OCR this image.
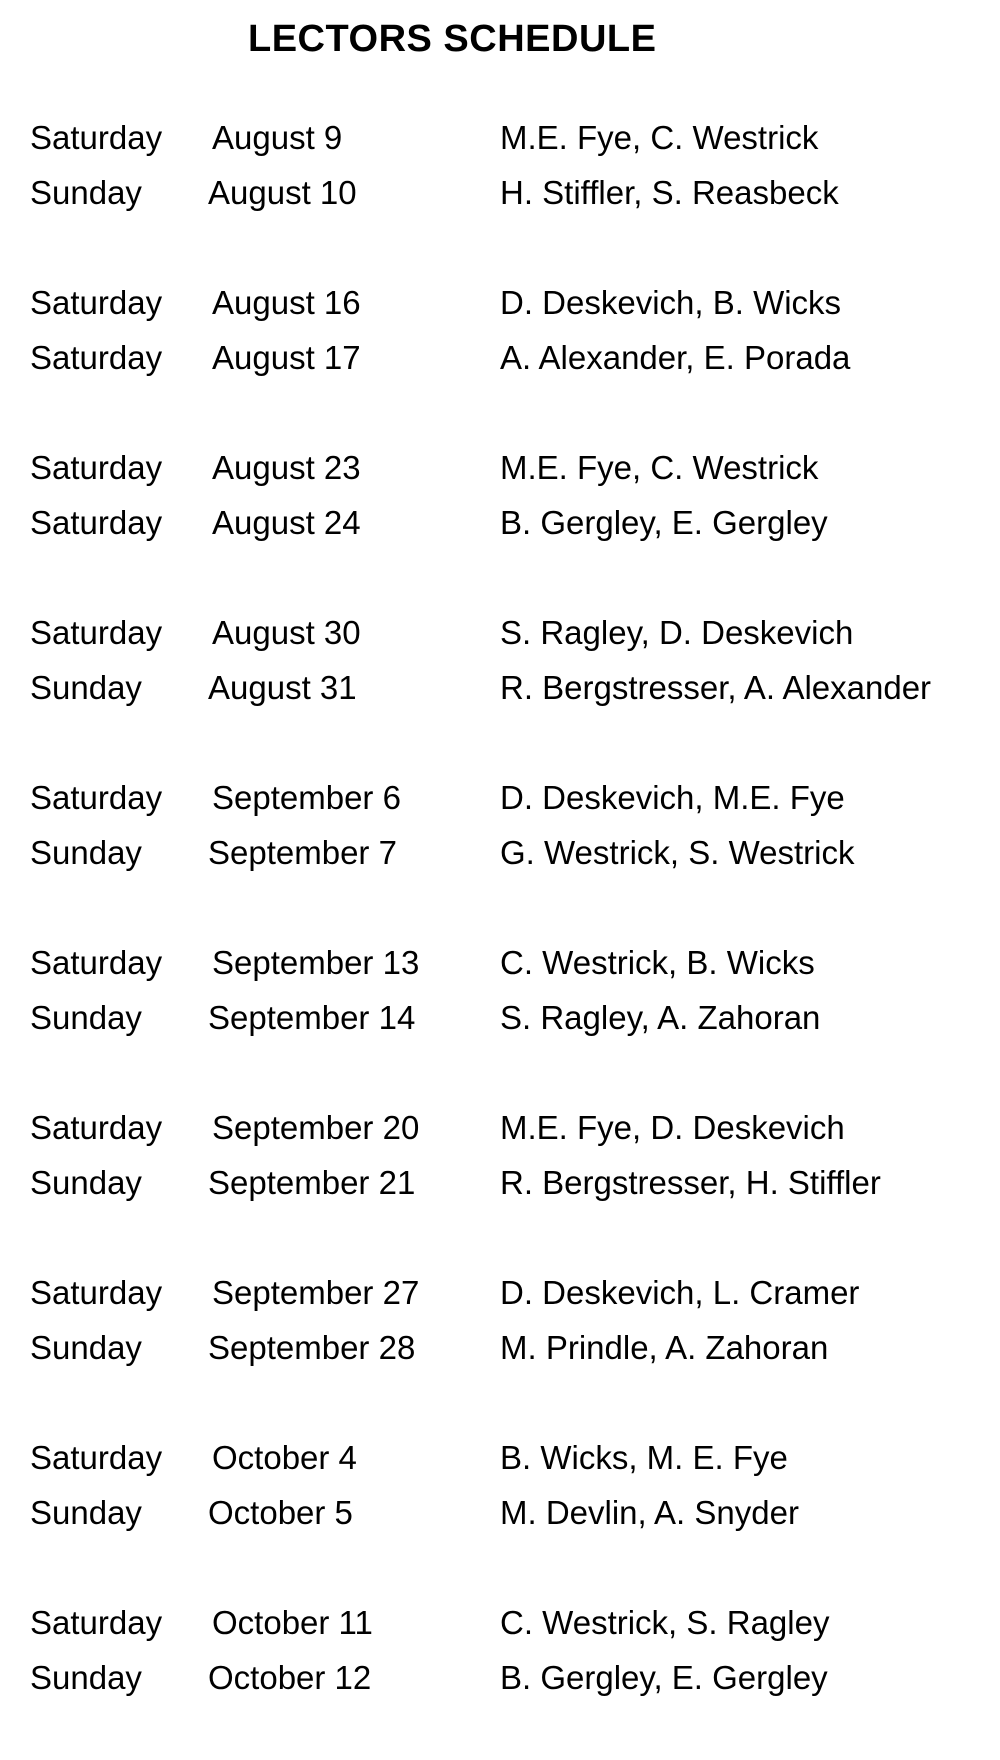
LECTORS SCHEDULE
Saturday August 9	M.E. Fye, C. Westrick
Sunday August 10	H. Stiffler, S. Reasbeck
Saturday August 16	D. Deskevich, B. Wicks
Saturday August 17	A. Alexander, E. Porada
Saturday August 23	M.E. Fye, C. Westrick
Saturday August 24	B. Gergley, E. Gergley
Saturday August 30	S. Ragley, D. Deskevich
Sunday August 31	R. Bergstresser, A. Alexander
Saturday September 6	D. Deskevich, M.E. Fye
Sunday September 7	G. Westrick, S. Westrick
Saturday September 13 C. Westrick, B. Wicks
Sunday September 14	S. Ragley, A. Zahoran
Saturday September 20 M.E. Fye, D. Deskevich
Sunday September 21	R. Bergstresser, H. Stiffler
Saturday September 27 D. Deskevich, L. Cramer
Sunday September 28	M. Prindle, A. Zahoran
Saturday October 4	B. Wicks, M. E. Fye
Sunday October 5	M. Devlin, A. Snyder
Saturday October 11	C. Westrick, S. Ragley
Sunday October 12	B. Gergley, E. Gergley
